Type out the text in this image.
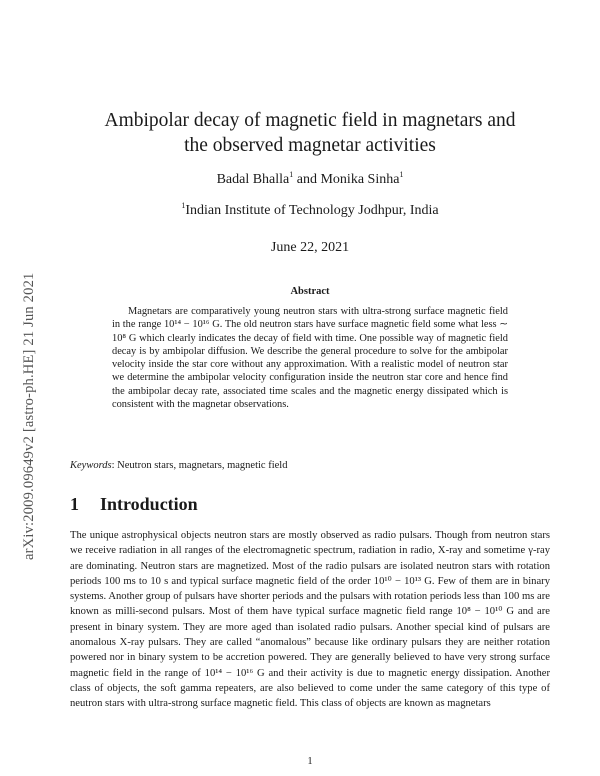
arXiv:2009.09649v2 [astro-ph.HE] 21 Jun 2021
Ambipolar decay of magnetic field in magnetars and
the observed magnetar activities
Badal Bhalla$^1$ and Monika Sinha$^1$
$^1$Indian Institute of Technology Jodhpur, India
June 22, 2021
Abstract
Magnetars are comparatively young neutron stars with ultra-strong surface magnetic field in the range 10¹⁴ − 10¹⁶ G. The old neutron stars have surface magnetic field some what less ∼ 10⁸ G which clearly indicates the decay of field with time. One possible way of magnetic field decay is by ambipolar diffusion. We describe the general procedure to solve for the ambipolar velocity inside the star core without any approximation. With a realistic model of neutron star we determine the ambipolar velocity configuration inside the neutron star core and hence find the ambipolar decay rate, associated time scales and the magnetic energy dissipated which is consistent with the magnetar observations.
Keywords: Neutron stars, magnetars, magnetic field
1 Introduction
The unique astrophysical objects neutron stars are mostly observed as radio pulsars. Though from neutron stars we receive radiation in all ranges of the electromagnetic spectrum, radiation in radio, X-ray and sometime γ-ray are dominating. Neutron stars are magnetized. Most of the radio pulsars are isolated neutron stars with rotation periods 100 ms to 10 s and typical surface magnetic field of the order 10¹⁰ − 10¹³ G. Few of them are in binary systems. Another group of pulsars have shorter periods and the pulsars with rotation periods less than 100 ms are known as milli-second pulsars. Most of them have typical surface magnetic field range 10⁸ − 10¹⁰ G and are present in binary system. They are more aged than isolated radio pulsars. Another special kind of pulsars are anomalous X-ray pulsars. They are called “anomalous” because like ordinary pulsars they are neither rotation powered nor in binary system to be accretion powered. They are generally believed to have very strong surface magnetic field in the range of 10¹⁴ − 10¹⁶ G and their activity is due to magnetic energy dissipation. Another class of objects, the soft gamma repeaters, are also believed to come under the same category of this type of neutron stars with ultra-strong surface magnetic field. This class of objects are known as magnetars
1
